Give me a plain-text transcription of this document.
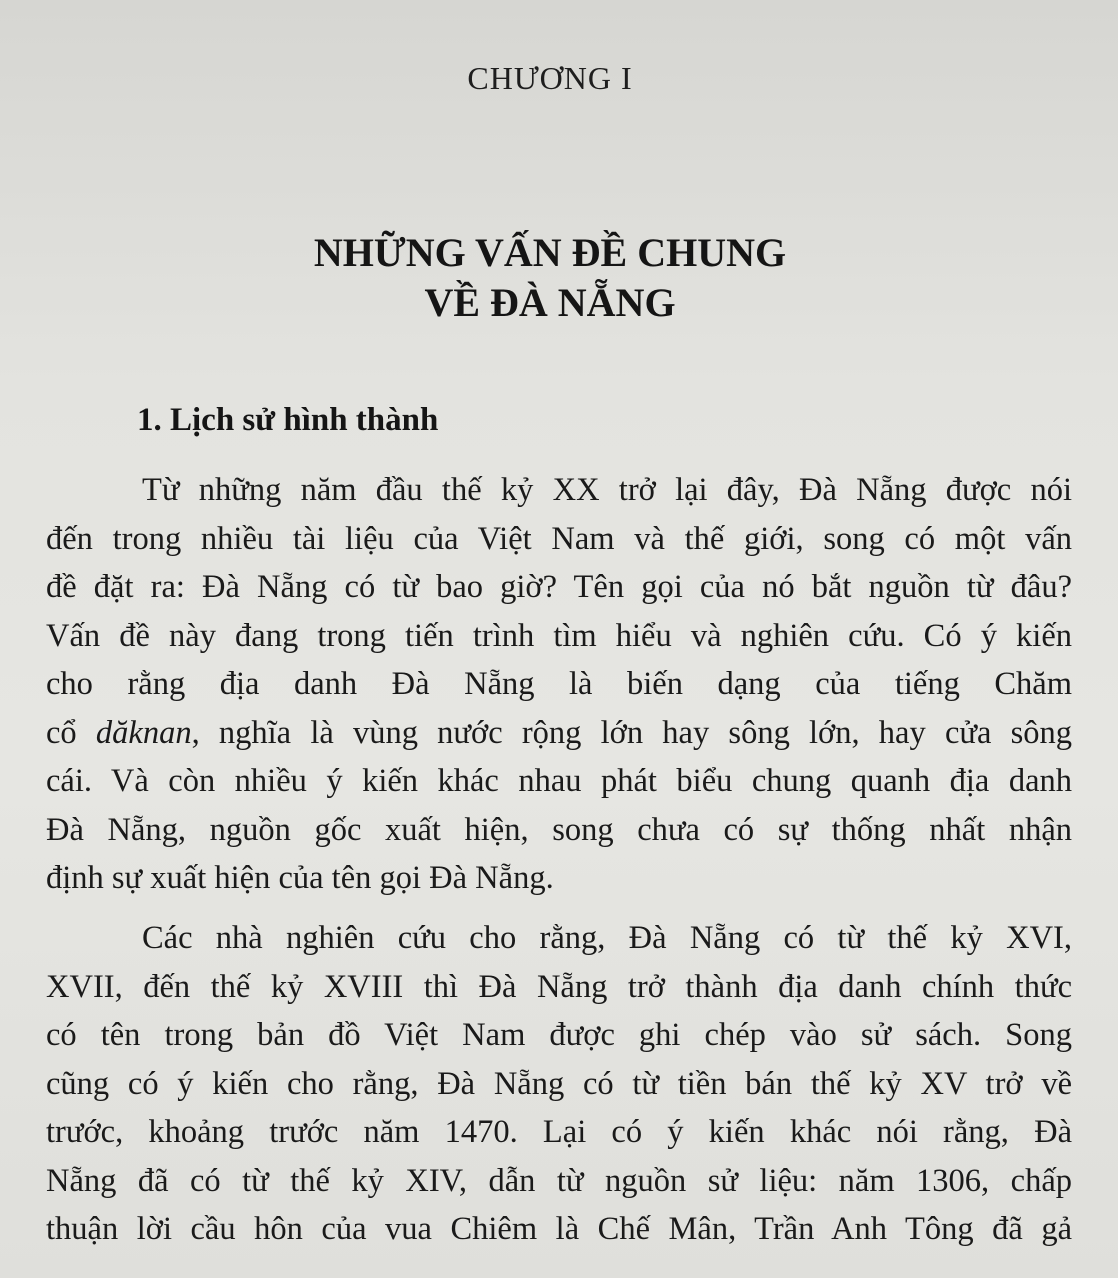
CHƯƠNG I
NHỮNG VẤN ĐỀ CHUNG
VỀ ĐÀ NẴNG
1. Lịch sử hình thành
Từ những năm đầu thế kỷ XX trở lại đây, Đà Nẵng được nói
đến trong nhiều tài liệu của Việt Nam và thế giới, song có một vấn
đề đặt ra: Đà Nẵng có từ bao giờ? Tên gọi của nó bắt nguồn từ đâu?
Vấn đề này đang trong tiến trình tìm hiểu và nghiên cứu. Có ý kiến
cho rằng địa danh Đà Nẵng là biến dạng của tiếng Chăm
cổ dăknan, nghĩa là vùng nước rộng lớn hay sông lớn, hay cửa sông
cái. Và còn nhiều ý kiến khác nhau phát biểu chung quanh địa danh
Đà Nẵng, nguồn gốc xuất hiện, song chưa có sự thống nhất nhận
định sự xuất hiện của tên gọi Đà Nẵng.
Các nhà nghiên cứu cho rằng, Đà Nẵng có từ thế kỷ XVI,
XVII, đến thế kỷ XVIII thì Đà Nẵng trở thành địa danh chính thức
có tên trong bản đồ Việt Nam được ghi chép vào sử sách. Song
cũng có ý kiến cho rằng, Đà Nẵng có từ tiền bán thế kỷ XV trở về
trước, khoảng trước năm 1470. Lại có ý kiến khác nói rằng, Đà
Nẵng đã có từ thế kỷ XIV, dẫn từ nguồn sử liệu: năm 1306, chấp
thuận lời cầu hôn của vua Chiêm là Chế Mân, Trần Anh Tông đã gả
